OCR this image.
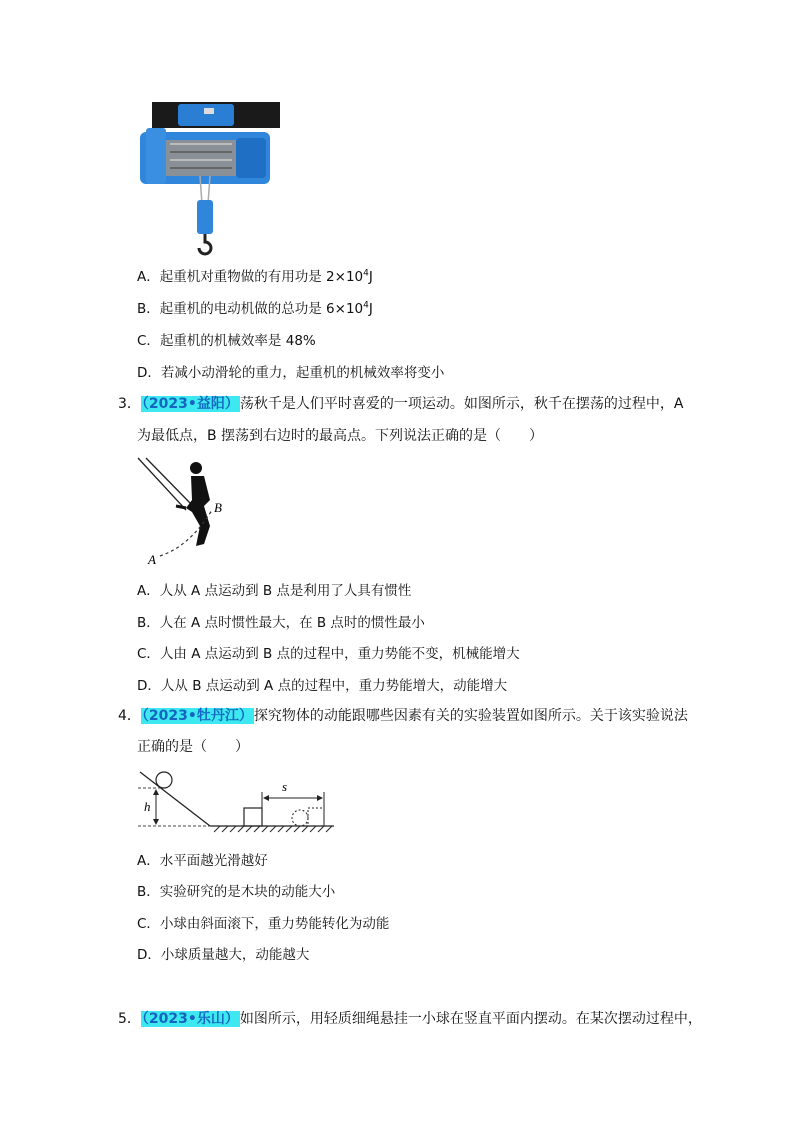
A．起重机对重物做的有用功是 $2\times 10^4J$
B．起重机的电动机做的总功是 $6\times 10^4J$
C．起重机的机械效率是 48%
D．若减小动滑轮的重力，起重机的机械效率将变小
3．（2023•益阳）荡秋千是人们平时喜爱的一项运动。如图所示，秋千在摆荡的过程中，A
为最低点，B 摆荡到右边时的最高点。下列说法正确的是（　　）
A
B
A．人从 A 点运动到 B 点是利用了人具有惯性
B．人在 A 点时惯性最大，在 B 点时的惯性最小
C．人由 A 点运动到 B 点的过程中，重力势能不变，机械能增大
D．人从 B 点运动到 A 点的过程中，重力势能增大，动能增大
4．（2023•牡丹江）探究物体的动能跟哪些因素有关的实验装置如图所示。关于该实验说法
正确的是（　　）
h
s
A．水平面越光滑越好
B．实验研究的是木块的动能大小
C．小球由斜面滚下，重力势能转化为动能
D．小球质量越大，动能越大
5．（2023•乐山）如图所示，用轻质细绳悬挂一小球在竖直平面内摆动。在某次摆动过程中，
